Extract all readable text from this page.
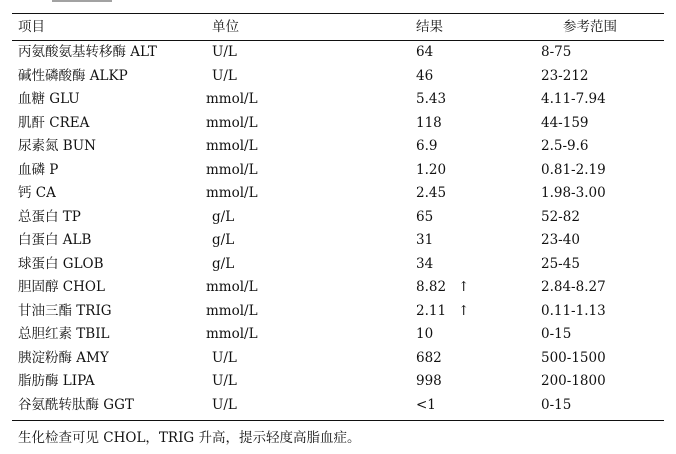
项目	单位	结果	参考范围
丙氨酸氨基转移酶 ALT	U/L	64	8-75
碱性磷酸酶 ALKP	U/L	46	23-212
血糖 GLU	mmol/L	5.43	4.11-7.94
肌酐 CREA	mmol/L	118	44-159
尿素氮 BUN	mmol/L	6.9	2.5-9.6
血磷 P	mmol/L	1.20	0.81-2.19
钙 CA	mmol/L	2.45	1.98-3.00
总蛋白 TP	g/L	65	52-82
白蛋白 ALB	g/L	31	23-40
球蛋白 GLOB	g/L	34	25-45
胆固醇 CHOL	mmol/L	8.82 ↑	2.84-8.27
甘油三酯 TRIG	mmol/L	2.11 ↑	0.11-1.13
总胆红素 TBIL	mmol/L	10	0-15
胰淀粉酶 AMY	U/L	682	500-1500
脂肪酶 LIPA	U/L	998	200-1800
谷氨酰转肽酶 GGT	U/L	<1	0-15
生化检查可见 CHOL，TRIG 升高，提示轻度高脂血症。
